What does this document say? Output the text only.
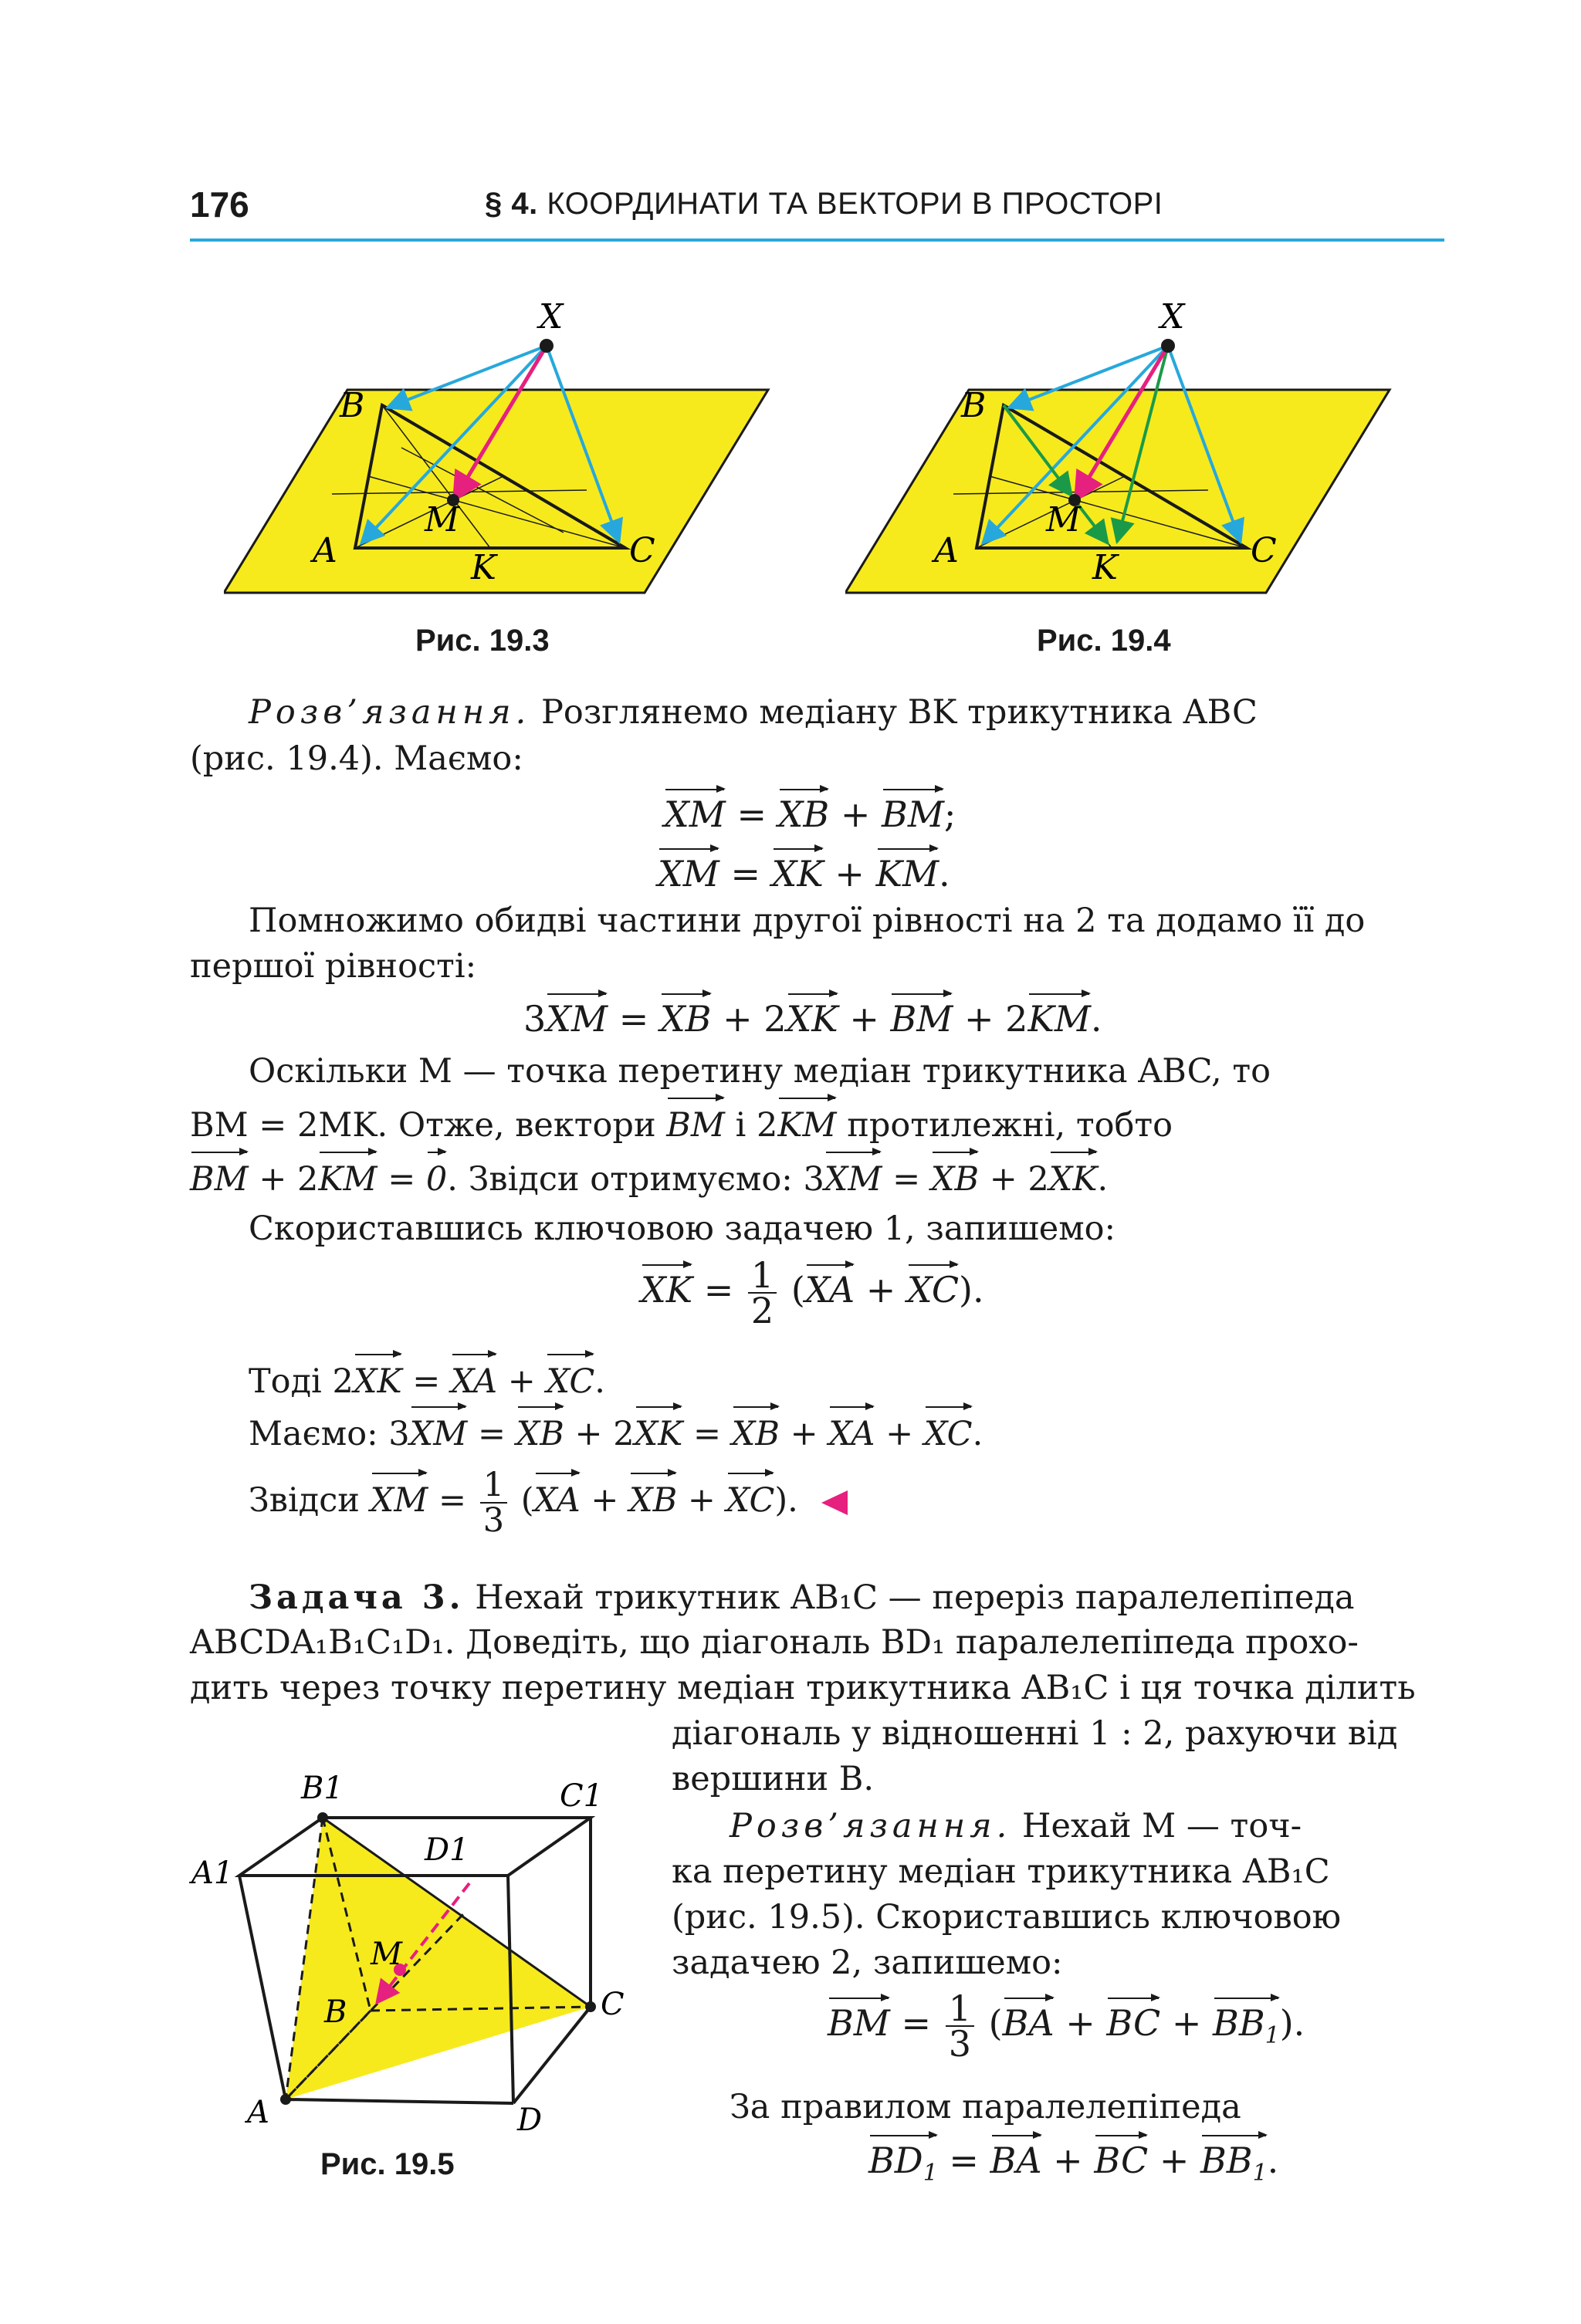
176	§ 4. КООРДИНАТИ ТА ВЕКТОРИ В ПРОСТОРІ
X
B
A
M
K	C
Рис. 19.3
X
B
A
M
K	C
Рис. 19.4
Розв’язання. Розглянемо медіану BK трикутника ABC
(рис. 19.4). Маємо:
XM = XB + BM;
XM = XK + KM.
Помножимо обидві частини другої рівності на 2 та додамо її до
першої рівності:
3XM = XB + 2XK + BM + 2KM.
Оскільки M — точка перетину медіан трикутника ABC, то
BM = 2MK. Отже, вектори BM і 2KM протилежні, тобто
BM + 2KM = 0. Звідси отримуємо: 3XM = XB + 2XK.
Скориставшись ключовою задачею 1, запишемо:
XK = $\frac{1}{2} (XA + XC)$.
Тоді 2XK = XA + XC.
Маємо: 3XM = XB + 2XK = XB + XA + XC.
Звідси XM = $\frac{1}{3} (XA$ + XB + XC).
Задача 3. Нехай трикутник AB₁C — переріз паралелепіпеда
ABCDA₁B₁C₁D₁. Доведіть, що діагональ BD₁ паралелепіпеда прохо-
дить через точку перетину медіан трикутника AB₁C і ця точка ділить
діагональ у відношенні 1 : 2, рахуючи від
вершини B.
Розв’язання. Нехай M — точ-
ка перетину медіан трикутника AB₁C
(рис. 19.5). Скориставшись ключовою
задачею 2, запишемо:
BM = $\frac{1}{3} (BA$ + BC + $BB_1$).
За правилом паралелепіпеда
$BD_1$ = BA + BC + $BB_1$.
B1	C1
D1
A1
M
B	C
A	D
Рис. 19.5
